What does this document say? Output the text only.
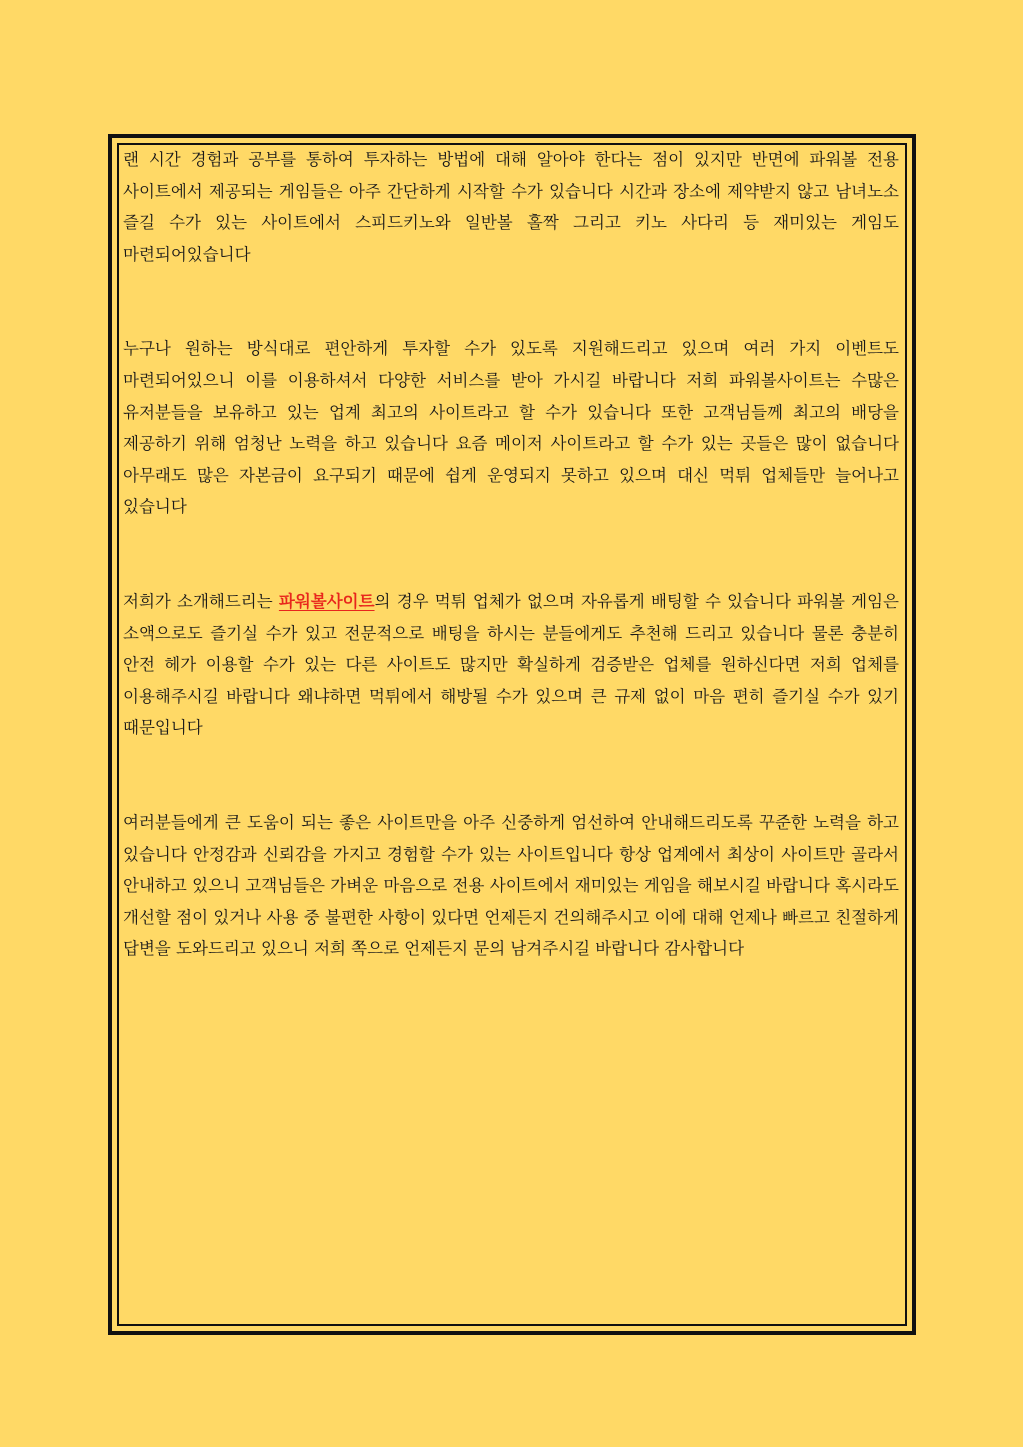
랜 시간 경험과 공부를 통하여 투자하는 방법에 대해 알아야 한다는 점이 있지만 반면에 파워볼 전용 사이트에서 제공되는 게임들은 아주 간단하게 시작할 수가 있습니다 시간과 장소에 제약받지 않고 남녀노소 즐길 수가 있는 사이트에서 스피드키노와 일반볼 홀짝 그리고 키노 사다리 등 재미있는 게임도 마련되어있습니다

누구나 원하는 방식대로 편안하게 투자할 수가 있도록 지원해드리고 있으며 여러 가지 이벤트도 마련되어있으니 이를 이용하셔서 다양한 서비스를 받아 가시길 바랍니다 저희 파워볼사이트는 수많은 유저분들을 보유하고 있는 업계 최고의 사이트라고 할 수가 있습니다 또한 고객님들께 최고의 배당을 제공하기 위해 엄청난 노력을 하고 있습니다 요즘 메이저 사이트라고 할 수가 있는 곳들은 많이 없습니다 아무래도 많은 자본금이 요구되기 때문에 쉽게 운영되지 못하고 있으며 대신 먹튀 업체들만 늘어나고 있습니다

저희가 소개해드리는 파워볼사이트의 경우 먹튀 업체가 없으며 자유롭게 배팅할 수 있습니다 파워볼 게임은 소액으로도 즐기실 수가 있고 전문적으로 배팅을 하시는 분들에게도 추천해 드리고 있습니다 물론 충분히 안전 헤가 이용할 수가 있는 다른 사이트도 많지만 확실하게 검증받은 업체를 원하신다면 저희 업체를 이용해주시길 바랍니다 왜냐하면 먹튀에서 해방될 수가 있으며 큰 규제 없이 마음 편히 즐기실 수가 있기 때문입니다

여러분들에게 큰 도움이 되는 좋은 사이트만을 아주 신중하게 엄선하여 안내해드리도록 꾸준한 노력을 하고 있습니다 안정감과 신뢰감을 가지고 경험할 수가 있는 사이트입니다 항상 업계에서 최상이 사이트만 골라서 안내하고 있으니 고객님들은 가벼운 마음으로 전용 사이트에서 재미있는 게임을 해보시길 바랍니다 혹시라도 개선할 점이 있거나 사용 중 불편한 사항이 있다면 언제든지 건의해주시고 이에 대해 언제나 빠르고 친절하게 답변을 도와드리고 있으니 저희 쪽으로 언제든지 문의 남겨주시길 바랍니다 감사합니다
